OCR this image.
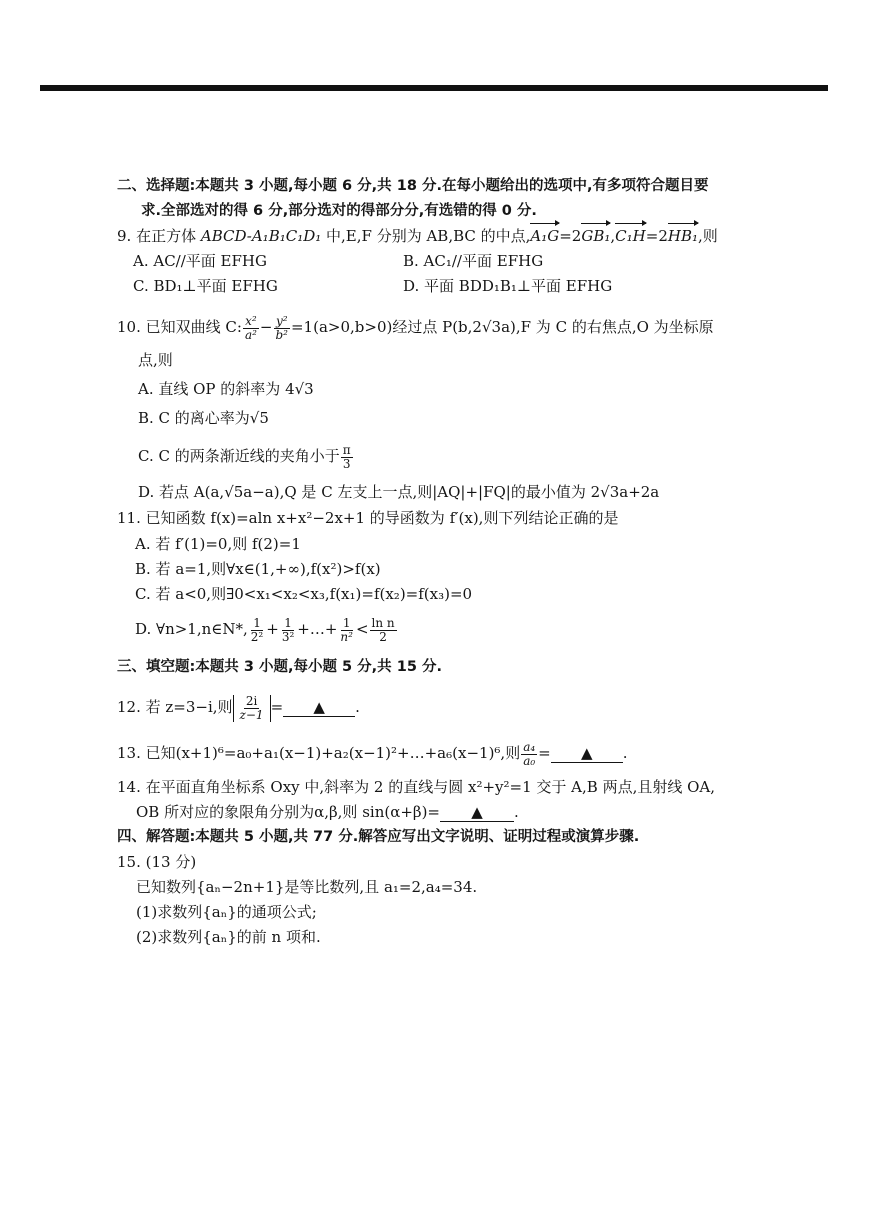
二、选择题:本题共 3 小题,每小题 6 分,共 18 分.在每小题给出的选项中,有多项符合题目要
求.全部选对的得 6 分,部分选对的得部分分,有选错的得 0 分.
9. 在正方体 ABCD-A₁B₁C₁D₁ 中,E,F 分别为 AB,BC 的中点,A₁G=2GB₁,C₁H=2HB₁,则
A. AC//平面 EFHG	B. AC₁//平面 EFHG
C. BD₁⊥平面 EFHG	D. 平面 BDD₁B₁⊥平面 EFHG
10. 已知双曲线 C: $\frac{\text{x²}}{\text{a²}} - \frac{\text{y²}}{\text{b²}} =1(a>0,b>0)$经过点 P(b,2√3a),F 为 C 的右焦点,O 为坐标原
点,则
A. 直线 OP 的斜率为 4√3
B. C 的离心率为√5
C. C 的两条渐近线的夹角小于 $\frac{\pi}{3}$
D. 若点 A(a,√5a−a),Q 是 C 左支上一点,则|AQ|+|FQ|的最小值为 2√3a+2a
11. 已知函数 f(x)=aln x+x²−2x+1 的导函数为 f′(x),则下列结论正确的是
A. 若 f′(1)=0,则 f(2)=1
B. 若 a=1,则∀x∈(1,+∞),f(x²)>f(x)
C. 若 a<0,则∃0<x₁<x₂<x₃,f(x₁)=f(x₂)=f(x₃)=0
D. ∀n>1,n∈N*, $\frac{1}{\text{2²}} + \frac{1}{\text{3²}}$ +…+ $\frac{1}{\text{n²}} < \frac{\text{ln n}}{2}$
三、填空题:本题共 3 小题,每小题 5 分,共 15 分.
12. 若 z=3−i,则 $\frac{2i}{z-1}$ = ▲ .
13. 已知(x+1)⁶=a₀+a₁(x−1)+a₂(x−1)²+…+a₆(x−1)⁶,则 $\frac{\text{a₄}}{\text{a₀}}$ = ▲ .
14. 在平面直角坐标系 Oxy 中,斜率为 2 的直线与圆 x²+y²=1 交于 A,B 两点,且射线 OA,
OB 所对应的象限角分别为α,β,则 sin(α+β)= ▲ .
四、解答题:本题共 5 小题,共 77 分.解答应写出文字说明、证明过程或演算步骤.
15. (13 分)
已知数列{aₙ−2n+1}是等比数列,且 a₁=2,a₄=34.
(1)求数列{aₙ}的通项公式;
(2)求数列{aₙ}的前 n 项和.
